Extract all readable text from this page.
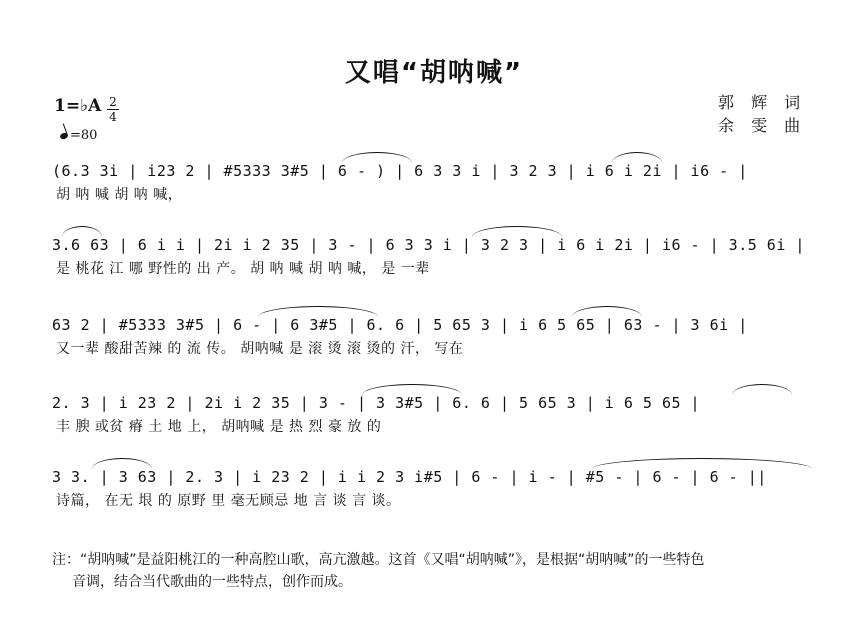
又唱“胡呐喊”
郭 辉 词
余 雯 曲
1=♭A 2
4
=80
(6.3 3i | i23 2 | #5333 3#5 | 6 - ) | 6 3 3 i | 3 2 3 | i 6 i 2i | i6 - |
胡 呐 喊 胡 呐 喊，
3.6 63 | 6 i i | 2i i 2 35 | 3 - | 6 3 3 i | 3 2 3 | i 6 i 2i | i6 - | 3.5 6i |
是 桃花 江 哪 野性的 出 产。 胡 呐 喊 胡 呐 喊， 是 一辈
63 2 | #5333 3#5 | 6 - | 6 3#5 | 6. 6 | 5 65 3 | i 6 5 65 | 63 - | 3 6i |
又一辈 酸甜苦辣 的 流 传。 胡呐喊 是 滚 烫 滚 烫的 汗， 写在
2. 3 | i 23 2 | 2i i 2 35 | 3 - | 3 3#5 | 6. 6 | 5 65 3 | i 6 5 65 |
丰 腴 或贫 瘠 土 地 上， 胡呐喊 是 热 烈 豪 放 的
3 3. | 3 63 | 2. 3 | i 23 2 | i i 2 3 i#5 | 6 - | i - | #5 - | 6 - | 6 - ||
诗篇， 在无 垠 的 原野 里 毫无顾忌 地 言 谈 言 谈。
注：“胡呐喊”是益阳桃江的一种高腔山歌，高亢激越。这首《又唱“胡呐喊”》，是根据“胡呐喊”的一些特色
音调，结合当代歌曲的一些特点，创作而成。
